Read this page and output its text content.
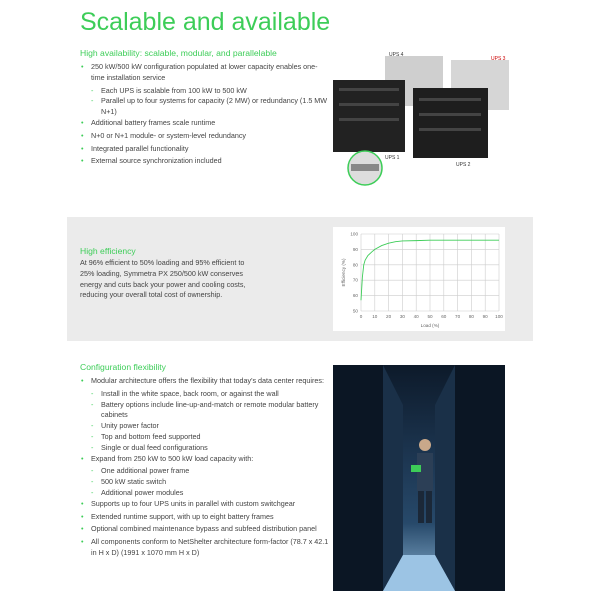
Scalable and available
High availability: scalable, modular, and parallelable
• 250 kW/500 kW configuration populated at lower capacity enables one-time installation service
- Each UPS is scalable from 100 kW to 500 kW
- Parallel up to four systems for capacity (2 MW) or redundancy (1.5 MW N+1)
• Additional battery frames scale runtime
• N+0 or N+1 module- or system-level redundancy
• Integrated parallel functionality
• External source synchronization included
UPS 4
UPS 3
UPS 1
UPS 2
High efficiency

At 96% efficient to 50% loading and 95% efficient to 25% loading, Symmetra PX 250/500 kW conserves energy and cuts back your power and cooling costs, reducing your overall total cost of ownership.

0 10 20 30 40 50 60 70 80 90 100
50
60
70
80
90
100
Load (%)
Efficiency (%)
Configuration flexibility
• Modular architecture offers the flexibility that today's data center requires:
- Install in the white space, back room, or against the wall
- Battery options include line-up-and-match or remote modular battery cabinets
- Unity power factor
- Top and bottom feed supported
- Single or dual feed configurations
• Expand from 250 kW to 500 kW load capacity with:
- One additional power frame
- 500 kW static switch
- Additional power modules
• Supports up to four UPS units in parallel with custom switchgear
• Extended runtime support, with up to eight battery frames
• Optional combined maintenance bypass and subfeed distribution panel
• All components conform to NetShelter architecture form-factor (78.7 x 42.1 in H x D) (1991 x 1070 mm H x D)
